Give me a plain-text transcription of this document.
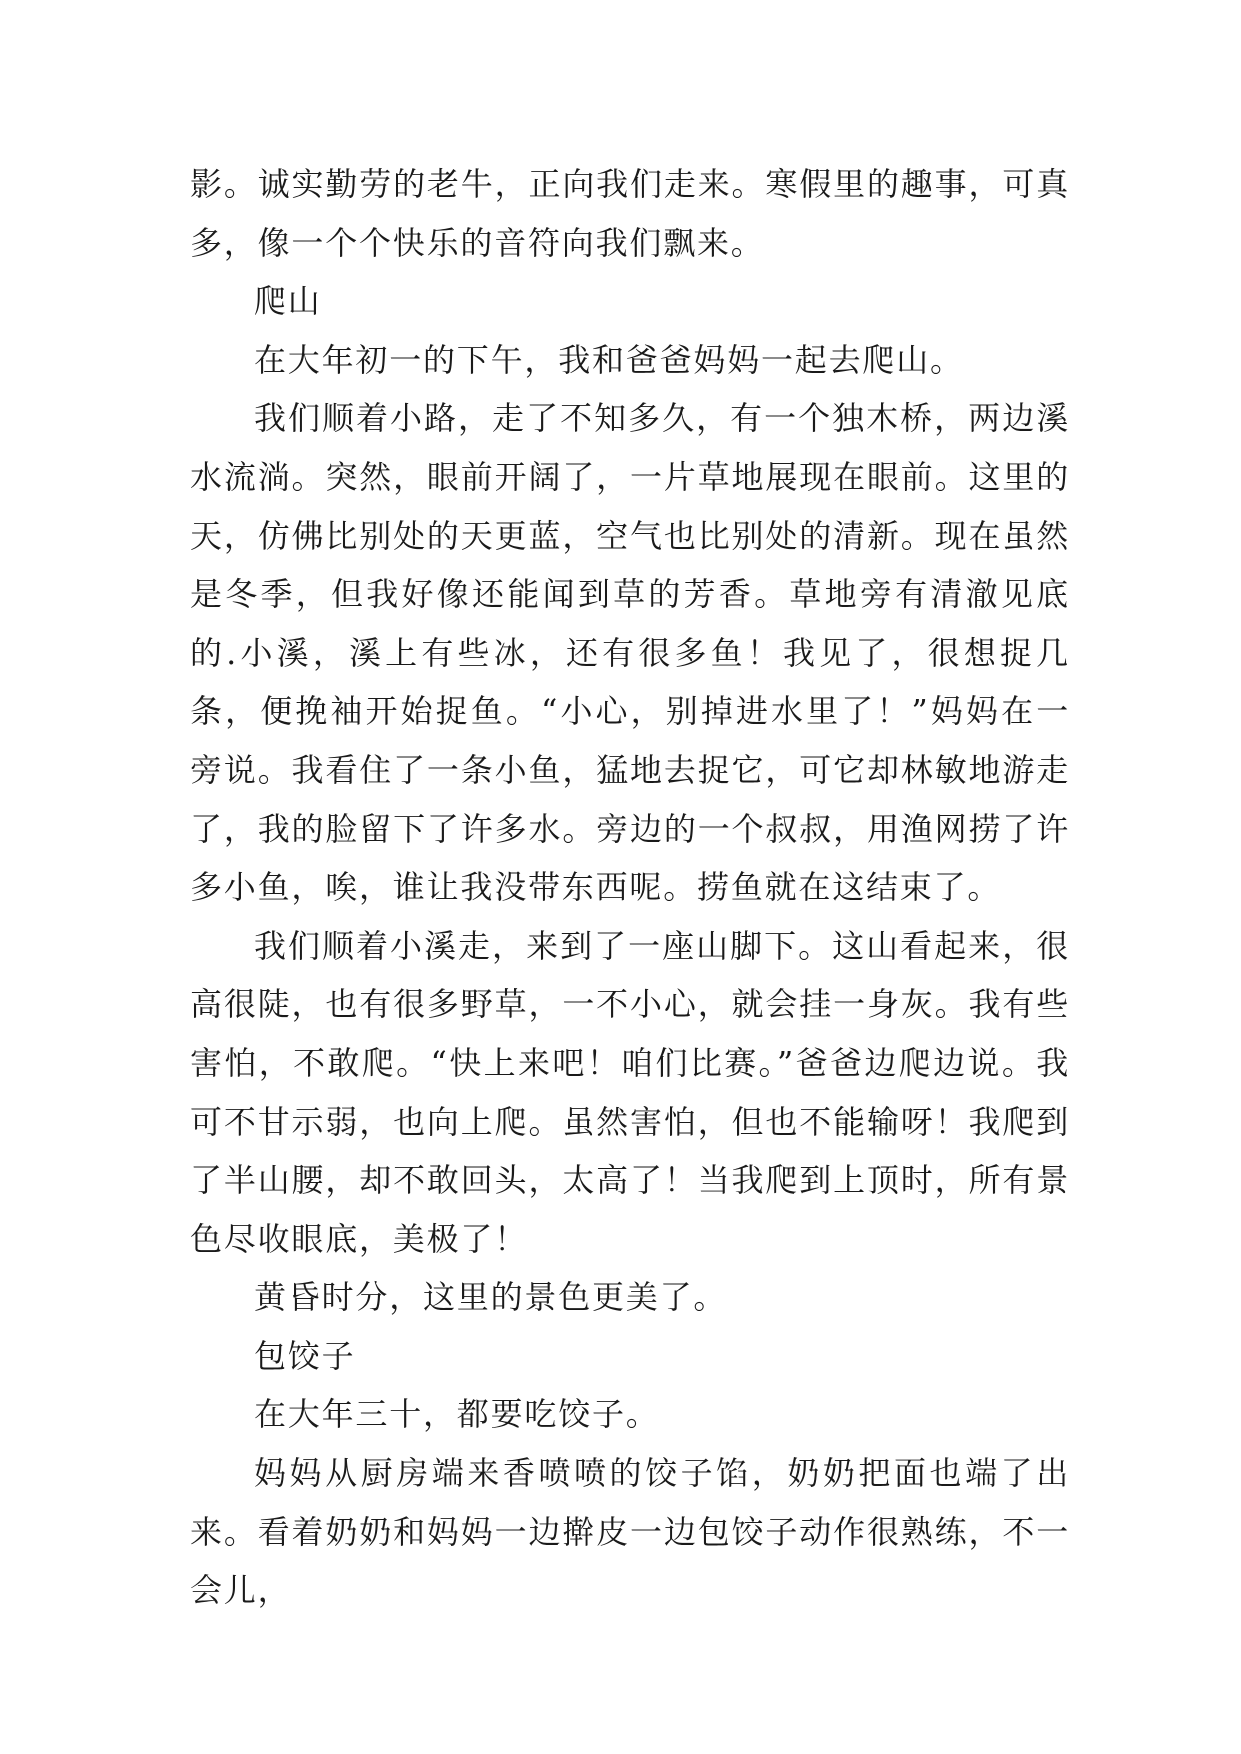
影。诚实勤劳的老牛，正向我们走来。寒假里的趣事，可真多，像一个个快乐的音符向我们飘来。

爬山

在大年初一的下午，我和爸爸妈妈一起去爬山。

我们顺着小路，走了不知多久，有一个独木桥，两边溪水流淌。突然，眼前开阔了，一片草地展现在眼前。这里的天，仿佛比别处的天更蓝，空气也比别处的清新。现在虽然是冬季，但我好像还能闻到草的芳香。草地旁有清澈见底的.小溪，溪上有些冰，还有很多鱼！我见了，很想捉几条，便挽袖开始捉鱼。“小心，别掉进水里了！”妈妈在一旁说。我看住了一条小鱼，猛地去捉它，可它却林敏地游走了，我的脸留下了许多水。旁边的一个叔叔，用渔网捞了许多小鱼，唉，谁让我没带东西呢。捞鱼就在这结束了。

我们顺着小溪走，来到了一座山脚下。这山看起来，很高很陡，也有很多野草，一不小心，就会挂一身灰。我有些害怕，不敢爬。“快上来吧！咱们比赛。”爸爸边爬边说。我可不甘示弱，也向上爬。虽然害怕，但也不能输呀！我爬到了半山腰，却不敢回头，太高了！当我爬到上顶时，所有景色尽收眼底，美极了！

黄昏时分，这里的景色更美了。

包饺子

在大年三十，都要吃饺子。

妈妈从厨房端来香喷喷的饺子馅，奶奶把面也端了出来。看着奶奶和妈妈一边擀皮一边包饺子动作很熟练，不一会儿，
